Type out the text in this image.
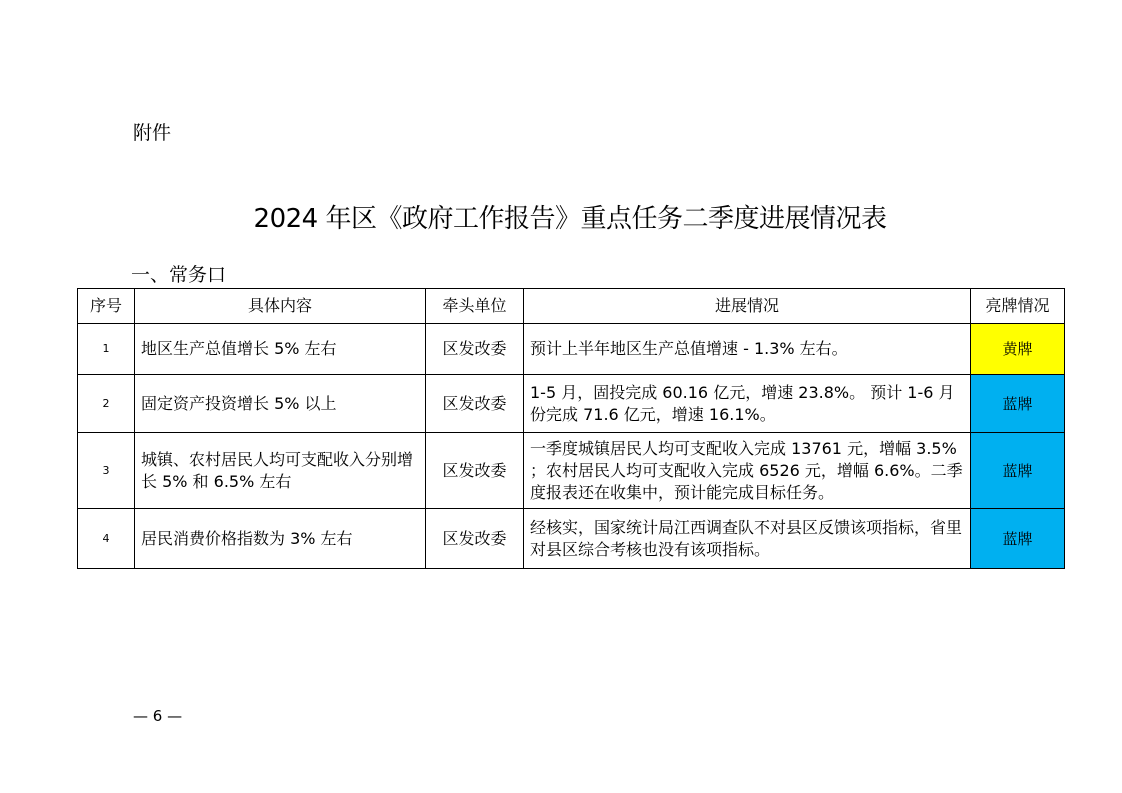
附件
2024 年区《政府工作报告》重点任务二季度进展情况表
一、常务口
序号	具体内容	牵头单位	进展情况	亮牌情况
1	地区生产总值增长 5% 左右	区发改委	预计上半年地区生产总值增速 - 1.3% 左右。	黄牌
2	固定资产投资增长 5% 以上	区发改委	1-5 月，固投完成 60.16 亿元，增速 23.8%。 预计 1-6 月份完成 71.6 亿元，增速 16.1%。	蓝牌
3	城镇、农村居民人均可支配收入分别增长 5% 和 6.5% 左右	区发改委	一季度城镇居民人均可支配收入完成 13761 元，增幅 3.5% ；农村居民人均可支配收入完成 6526 元，增幅 6.6%。二季度报表还在收集中，预计能完成目标任务。	蓝牌
4	居民消费价格指数为 3% 左右	区发改委	经核实，国家统计局江西调查队不对县区反馈该项指标，省里对县区综合考核也没有该项指标。	蓝牌
— 6 —
